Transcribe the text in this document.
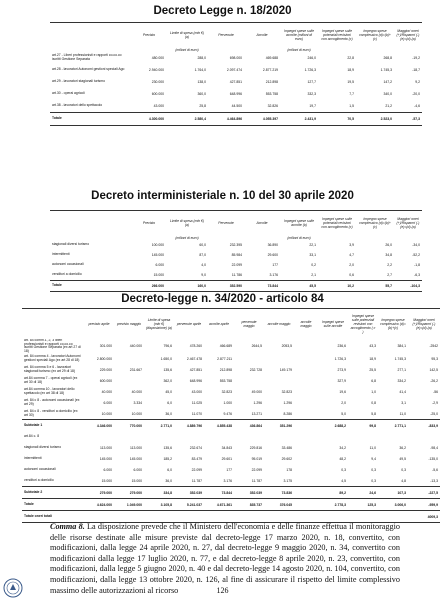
Decreto Legge n. 18/2020
	Previsto	Limite di spesa (mln €) (a)	Pervenute	Accolte	Impegni spese sulle accolte (milioni di euro)	Impegni spese sulle potenziali revisioni con accoglimento (c)	Impegno spese complessivo (d)=(b)+(c)	Maggiori oneri (+)/Risparmi (-) (e)=(d)-(a)
		(milioni di euro)			(milioni di euro)			
art.27 - Liberi professionisti e rapporti co.co.co iscritti Gestione Separata	480.000	288,0	698.000	469.688	246,0	22,8	268,8	-19,2
art.28 - lavoratori Autonomi gestioni speciali Ago	2.940.000	1.764,0	2.097.474	2.877.219	1.726,3	18,9	1.745,3	-18,7
art.29 - lavoratori stagionali turismo	230.000	138,0	427.851	212.898	127,7	19,5	147,2	9,2
art.30 - operai agricoli	600.000	360,0	648.996	553.758	332,3	7,7	340,0	-20,0
art.38 - lavoratori dello spettacolo	43.000	25,8	44.500	32.826	19,7	1,5	21,2	-4,6
Totale	4.300.000	2.580,4	4.464.896	4.055.397	2.431,9	70,5	2.523,0	-57,3
Decreto interministeriale n. 10 del 30 aprile 2020
	Previsto	Limite di spesa (mln €) (a)	Pervenute	Accolte	Impegni spese sulle accolte (b)	Impegni spese sulle potenziali revisioni con accoglimento (c)	Impegno spese complessivo (d)=(b)+(c)	Maggiori oneri (+)/Risparmi (-) (e)=(d)-(a)
		(milioni di euro)			(milioni di euro)			
stagionali diversi turismo	100.000	60,0	232.395	36.890	22,1	3,9	26,0	-34,0
intermittenti	145.000	87,0	85.984	29.600	33,1	4,7	34,8	-52,2
autonomi occasionali	6.000	4,0	22.099	177	0,2	2,0	2,2	-1,8
venditori a domicilio	15.000	9,0	11.786	3.176	2,1	0,6	2,7	-6,3
Totale	266.000	160,0	352.590	73.844	45,5	10,2	55,7	-104,3
Decreto-legge n. 34/2020 - articolo 84
	previsto aprile	previsto maggio	Limite di spesa (mln €) (disposizione) (a)	pervenute aprile	accolte aprile	pervenute maggio	accolte maggio	accolte maggio	Impegni spese sulle accolte	Impegni spese sulle potenziali revisioni con accoglimento ( c )	Impegno spese complessivo (d)=(b)+(c)	Maggiori oneri (+)/Risparmi (-) (e)=(d)-(a)
art. 84 comm.1, 2, 3 liberi professionisti e rapporti co.co.co iscritti Gestione Separata (ex art 27 dl 18)	301.000	440.000	796,6	478.260	466.689	2644,5	2053,5		236,6	43,3	384,1	-2542
art. 84 comma 4 - lavoratori Autonomi gestioni speciali Ago (ex art 28 dl 18)	2.800.000		1.650,0	2.467.478	2.877.211				1.726,3	18,9	1.745,3	95,3
art. 84 comma 5 e 6 - lavoratori stagionali turismo (ex art 29 dl 18)	229.000	231.667	135,6	427.851	212.898	232.728	149.179		273,9	25,5	277,1	142,5
art.84 comma 7 - operai agricoli (ex art 30 dl 18)	600.000		362,0	648.996	553.758				327,9	6,8	334,2	-26,2
art.84 comma 10 - lavoratori dello spettacolo (ex art 38 dl 18)	40.000	40.000	45,0	43.000	32.823	49.000	32.823		19,6	1,0	41,4	-56
art. 84 c 8 - autonomi occasionali (ex art 29)	6.000	3.334	6,0	11.025	1.000	1.296	1.296		2,0	0,8	3,1	-2,9
art. 84 c 8 - venditori a domicilio (ex art 30)	10.000	10.000	36,0	11.070	9.476	13.271	8.286		5,0	5,8	11,0	-25,0
Subtotale 1	4.346.000	770.000	2.771,0	4.889.796	4.855.438	436.864	351.296		2.688,2	99,8	2.771,1	-833,9
art.84 c. 8												
stagionali diversi turismo	113.000	113.000	135,6	232.674	34.843	229.816	33.486		34,2	11,0	36,2	-98,4
intermittenti	145.000	145.000	185,2	83.479	29.601	95.019	29.602		48,2	9,4	49,5	-135,0
autonomi occasionali	6.000	6.000	6,0	22.099	177	22.099	178		0,3	0,3	0,3	-5,6
venditori a domicilio	15.000	15.000	36,0	11.787	3.176	11.787	3.175		4,5	0,3	4,8	-13,3
Subtotale 2	279.000	279.000	334,8	352.039	73.844	352.039	73.836		89,2	24,6	107,3	-227,5
Totale	4.624.000	1.049.000	3.105,8	5.241.037	4.671.361	835.737	376.045		2.778,3	125,3	3.006,0	-959,9
Totale oneri totali												4009,3
Comma 8. La disposizione prevede che il Ministero dell'economia e delle finanze effettua il monitoraggio delle risorse destinate alle misure previste dal decreto-legge 17 marzo 2020, n. 18, convertito, con modificazioni, dalla legge 24 aprile 2020, n. 27, dal decreto-legge 9 maggio 2020, n. 34, convertito con modificazioni dalla legge 17 luglio 2020, n. 77, e dal decreto-legge 8 aprile 2020, n. 23, convertito, con modificazioni, dalla legge 5 giugno 2020, n. 40 e dal decreto-legge 14 agosto 2020, n. 104, convertito, con modificazioni, dalla legge 13 ottobre 2020, n. 126, al fine di assicurare il rispetto del limite complessivo massimo delle autorizzazioni al ricorso	126
